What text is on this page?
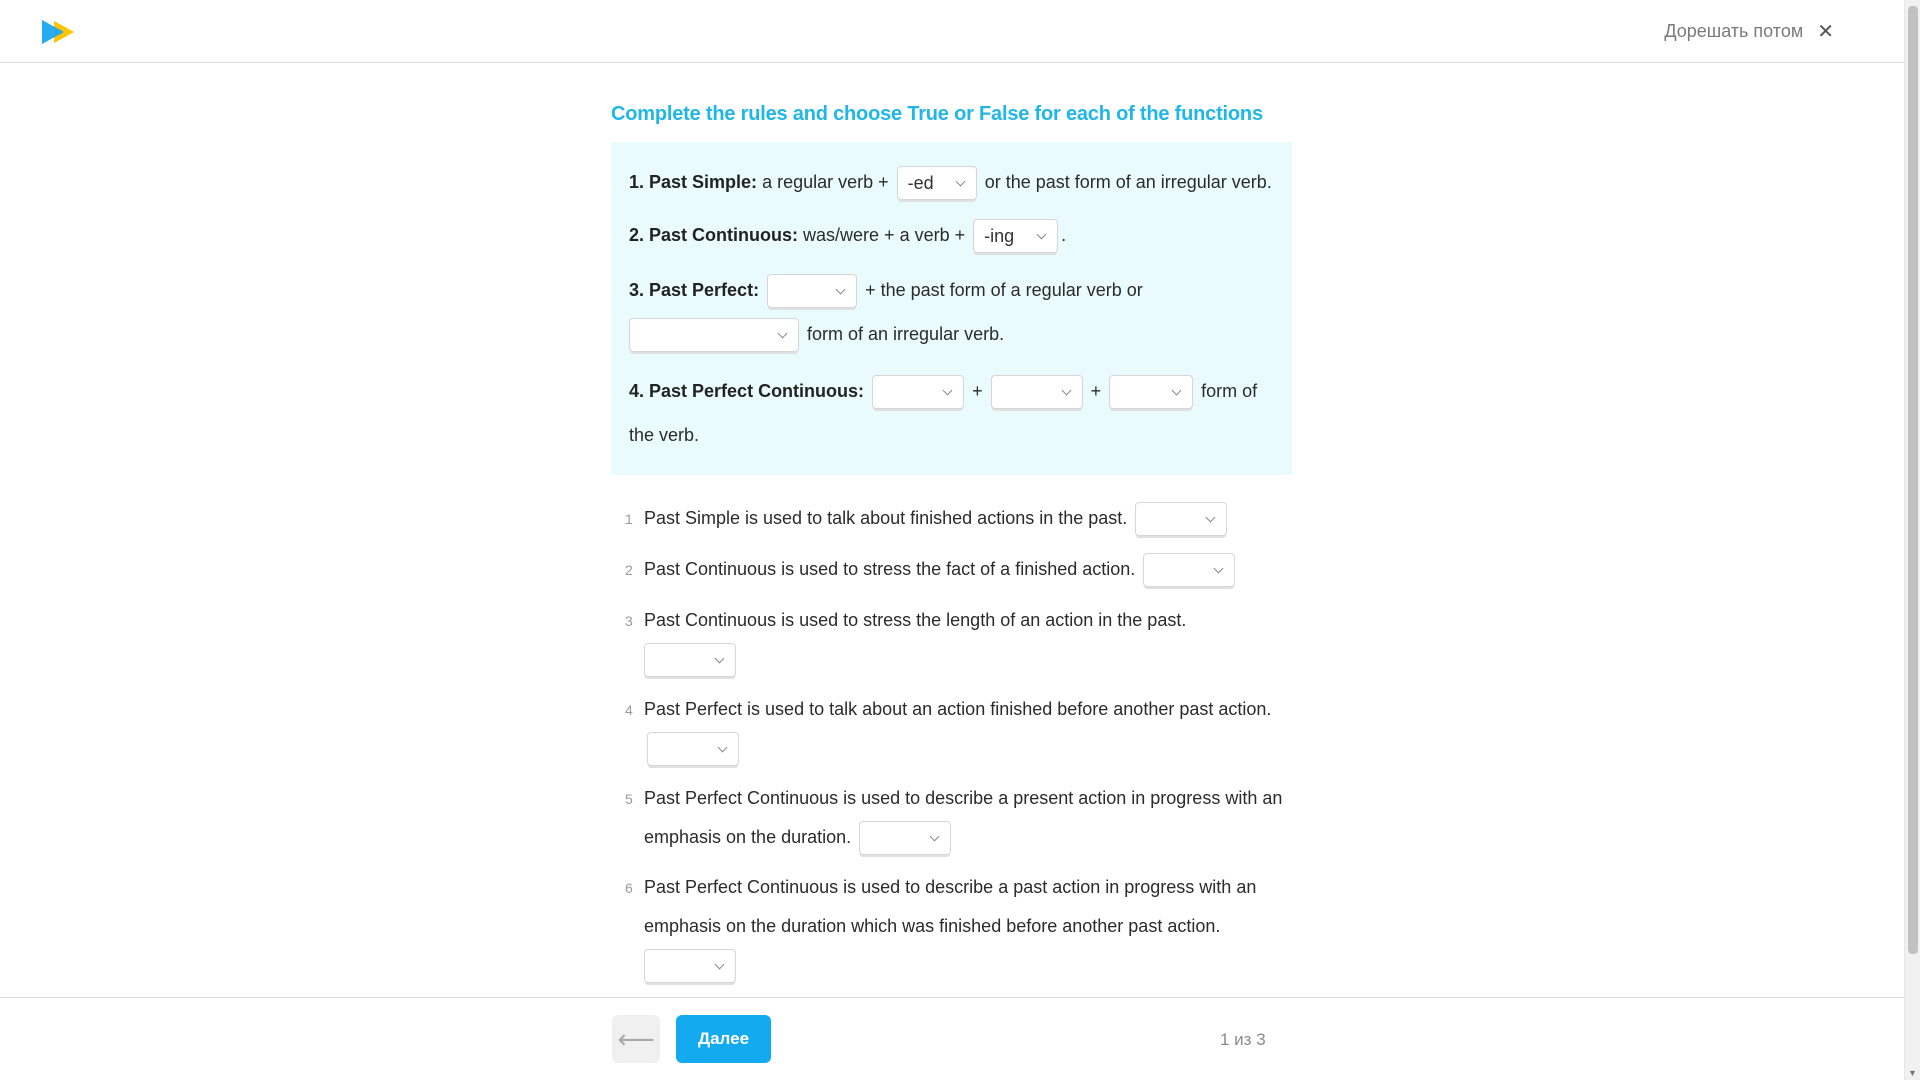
Дорешать потом ✕
▼
Complete the rules and choose True or False for each of the functions
1. Past Simple: a regular verb + -ed	or the past form of an irregular verb.
2. Past Continuous: was/were + a verb + -ing	.
3. Past Perfect:	+ the past form of a regular verb or

form of an irregular verb.
4. Past Perfect Continuous:	+	+	form of the verb.
1 Past Simple is used to talk about finished actions in the past.
2 Past Continuous is used to stress the fact of a finished action.
3 Past Continuous is used to stress the length of an action in the past.

4 Past Perfect is used to talk about an action finished before another past action.
5 Past Perfect Continuous is used to describe a present action in progress with an emphasis on the duration.
6 Past Perfect Continuous is used to describe a past action in progress with an emphasis on the duration which was finished before another past action.

⟵	Далее	1 из 3
